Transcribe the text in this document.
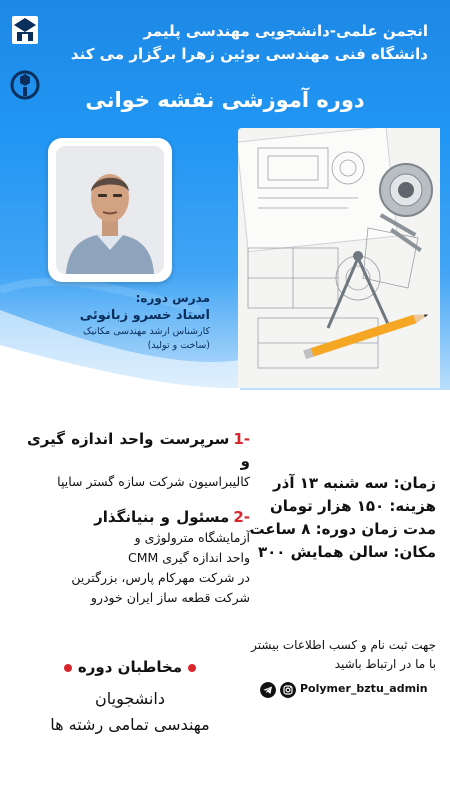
انجمن علمی-دانشجویی مهندسی پلیمر

دانشگاه فنی مهندسی بوئین زهرا برگزار می کند

دوره آموزشی نقشه خوانی

مدرس دوره:

استاد خسرو زبانوئی

کارشناس ارشد مهندسی مکانیک

(ساخت و تولید)

-1سرپرست واحد اندازه گیری و

کالیبراسیون شرکت سازه گستر سایپا

-2مسئول و بنیانگذار

آزمایشگاه مترولوژی و

واحد اندازه گیری CMM

در شرکت مهرکام پارس، بزرگترین

شرکت قطعه ساز ایران خودرو

زمان: سه شنبه ۱۳ آذر

هزینه: ۱۵۰ هزار تومان

مدت زمان دوره: ۸ ساعت

مکان: سالن همایش ۳۰۰

جهت ثبت نام و کسب اطلاعات بیشتر

با ما در ارتباط باشید

Polymer_bztu_admin

مخاطبان دوره

دانشجویان

مهندسی تمامی رشته ها
